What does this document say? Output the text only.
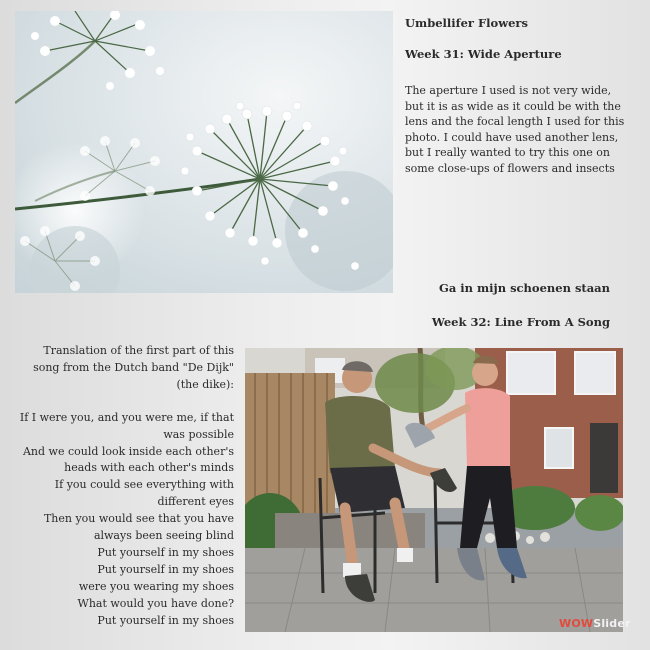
Umbellifer Flowers

Week 31: Wide Aperture

The aperture I used is not very wide, but it is as wide as it could be with the lens and the focal length I used for this photo. I could have used another lens, but I really wanted to try this one on some close-ups of flowers and insects

Ga in mijn schoenen staan
Week 32: Line From A Song

Translation of the first part of this song from the Dutch band "De Dijk" (the dike):

If I were you, and you were me, if that was possible

And we could look inside each other's heads with each other's minds

If you could see everything with different eyes

Then you would see that you have always been seeing blind

Put yourself in my shoes

Put yourself in my shoes

were you wearing my shoes

What would you have done?

Put yourself in my shoes	WOWSlider
